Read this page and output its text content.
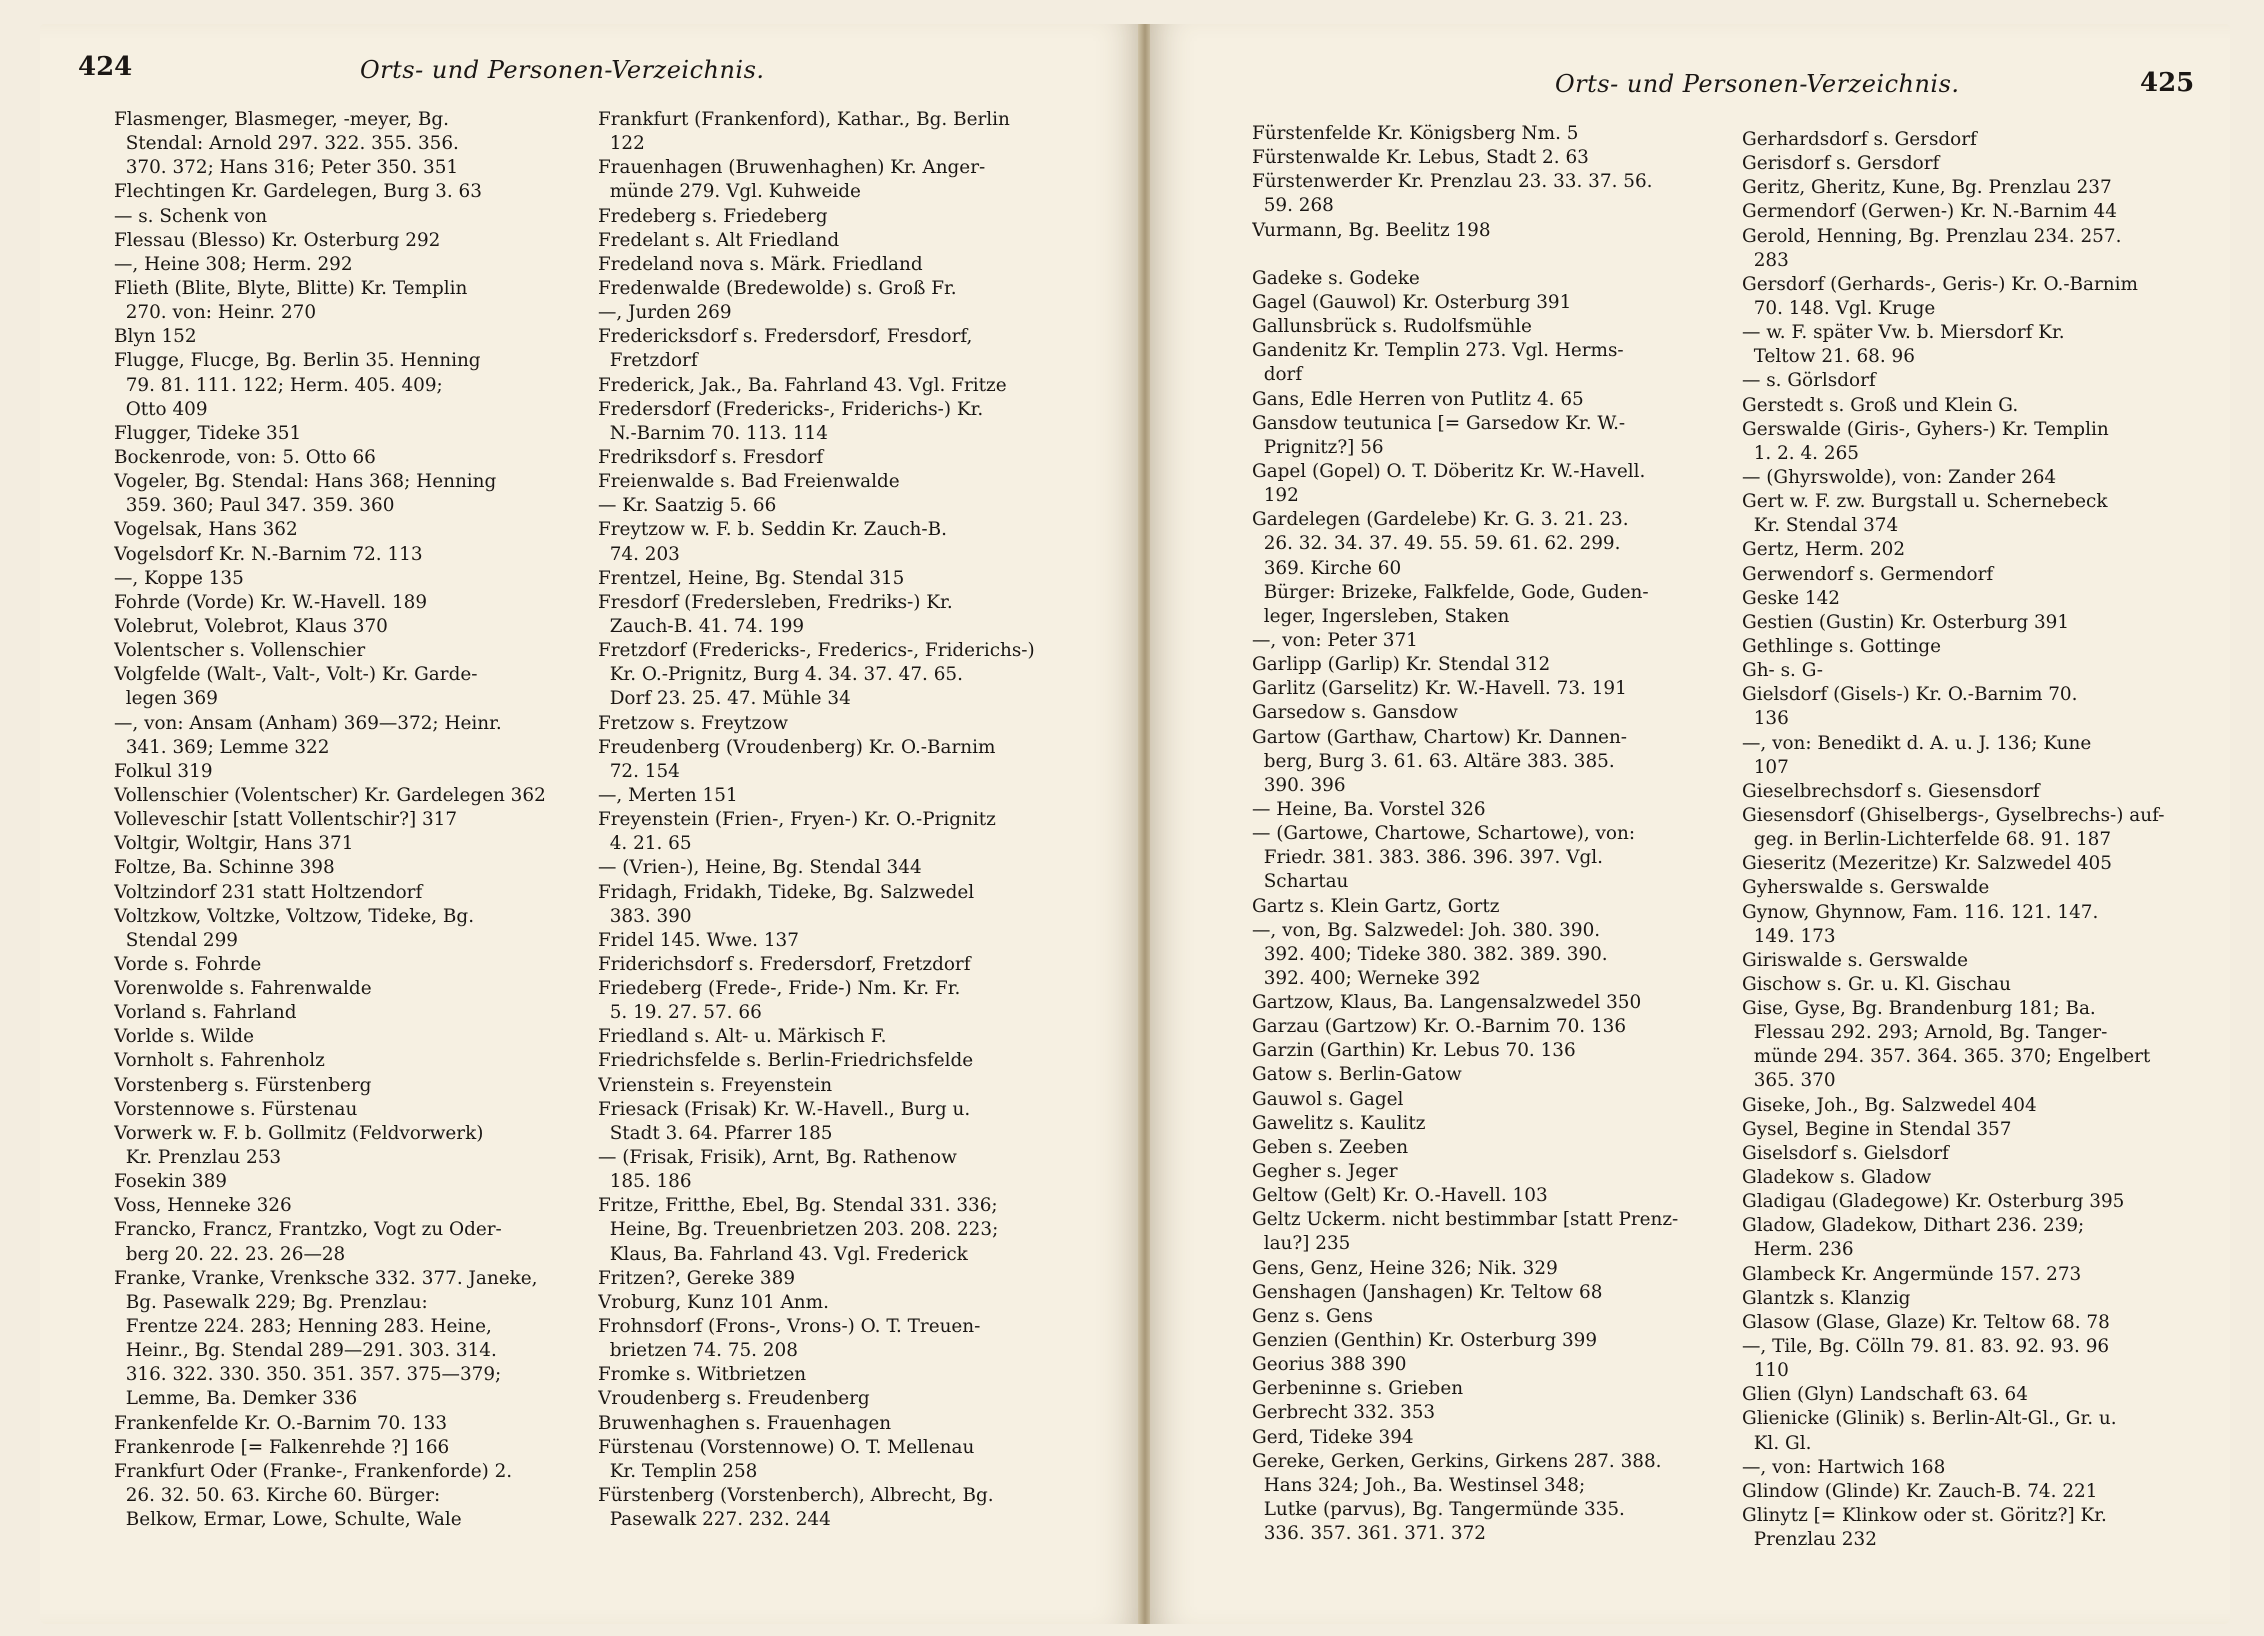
424	Orts- und Personen-Verzeichnis.	Orts- und Personen-Verzeichnis.	425
Flasmenger, Blasmeger, -meyer, Bg.
Stendal: Arnold 297. 322. 355. 356.
370. 372; Hans 316; Peter 350. 351
Flechtingen Kr. Gardelegen, Burg 3. 63
— s. Schenk von
Flessau (Blesso) Kr. Osterburg 292
—, Heine 308; Herm. 292
Flieth (Blite, Blyte, Blitte) Kr. Templin
270. von: Heinr. 270
Blyn 152
Flugge, Flucge, Bg. Berlin 35. Henning
79. 81. 111. 122; Herm. 405. 409;
Otto 409
Flugger, Tideke 351
Bockenrode, von: 5. Otto 66
Vogeler, Bg. Stendal: Hans 368; Henning
359. 360; Paul 347. 359. 360
Vogelsak, Hans 362
Vogelsdorf Kr. N.-Barnim 72. 113
—, Koppe 135
Fohrde (Vorde) Kr. W.-Havell. 189
Volebrut, Volebrot, Klaus 370
Volentscher s. Vollenschier
Volgfelde (Walt-, Valt-, Volt-) Kr. Garde-
legen 369
—, von: Ansam (Anham) 369—372; Heinr.
341. 369; Lemme 322
Folkul 319
Vollenschier (Volentscher) Kr. Gardelegen 362
Volleveschir [statt Vollentschir?] 317
Voltgir, Woltgir, Hans 371
Foltze, Ba. Schinne 398
Voltzindorf 231 statt Holtzendorf
Voltzkow, Voltzke, Voltzow, Tideke, Bg.
Stendal 299
Vorde s. Fohrde
Vorenwolde s. Fahrenwalde
Vorland s. Fahrland
Vorlde s. Wilde
Vornholt s. Fahrenholz
Vorstenberg s. Fürstenberg
Vorstennowe s. Fürstenau
Vorwerk w. F. b. Gollmitz (Feldvorwerk)
Kr. Prenzlau 253
Fosekin 389
Voss, Henneke 326
Francko, Francz, Frantzko, Vogt zu Oder-
berg 20. 22. 23. 26—28
Franke, Vranke, Vrenksche 332. 377. Janeke,
Bg. Pasewalk 229; Bg. Prenzlau:
Frentze 224. 283; Henning 283. Heine,
Heinr., Bg. Stendal 289—291. 303. 314.
316. 322. 330. 350. 351. 357. 375—379;
Lemme, Ba. Demker 336
Frankenfelde Kr. O.-Barnim 70. 133
Frankenrode [= Falkenrehde ?] 166
Frankfurt Oder (Franke-, Frankenforde) 2.
26. 32. 50. 63. Kirche 60. Bürger:
Belkow, Ermar, Lowe, Schulte, Wale
Frankfurt (Frankenford), Kathar., Bg. Berlin
122
Frauenhagen (Bruwenhaghen) Kr. Anger-
münde 279. Vgl. Kuhweide
Fredeberg s. Friedeberg
Fredelant s. Alt Friedland
Fredeland nova s. Märk. Friedland
Fredenwalde (Bredewolde) s. Groß Fr.
—, Jurden 269
Fredericksdorf s. Fredersdorf, Fresdorf,
Fretzdorf
Frederick, Jak., Ba. Fahrland 43. Vgl. Fritze
Fredersdorf (Fredericks-, Friderichs-) Kr.
N.-Barnim 70. 113. 114
Fredriksdorf s. Fresdorf
Freienwalde s. Bad Freienwalde
— Kr. Saatzig 5. 66
Freytzow w. F. b. Seddin Kr. Zauch-B.
74. 203
Frentzel, Heine, Bg. Stendal 315
Fresdorf (Fredersleben, Fredriks-) Kr.
Zauch-B. 41. 74. 199
Fretzdorf (Fredericks-, Frederics-, Friderichs-)
Kr. O.-Prignitz, Burg 4. 34. 37. 47. 65.
Dorf 23. 25. 47. Mühle 34
Fretzow s. Freytzow
Freudenberg (Vroudenberg) Kr. O.-Barnim
72. 154
—, Merten 151
Freyenstein (Frien-, Fryen-) Kr. O.-Prignitz
4. 21. 65
— (Vrien-), Heine, Bg. Stendal 344
Fridagh, Fridakh, Tideke, Bg. Salzwedel
383. 390
Fridel 145. Wwe. 137
Friderichsdorf s. Fredersdorf, Fretzdorf
Friedeberg (Frede-, Fride-) Nm. Kr. Fr.
5. 19. 27. 57. 66
Friedland s. Alt- u. Märkisch F.
Friedrichsfelde s. Berlin-Friedrichsfelde
Vrienstein s. Freyenstein
Friesack (Frisak) Kr. W.-Havell., Burg u.
Stadt 3. 64. Pfarrer 185
— (Frisak, Frisik), Arnt, Bg. Rathenow
185. 186
Fritze, Fritthe, Ebel, Bg. Stendal 331. 336;
Heine, Bg. Treuenbrietzen 203. 208. 223;
Klaus, Ba. Fahrland 43. Vgl. Frederick
Fritzen?, Gereke 389
Vroburg, Kunz 101 Anm.
Frohnsdorf (Frons-, Vrons-) O. T. Treuen-
brietzen 74. 75. 208
Fromke s. Witbrietzen
Vroudenberg s. Freudenberg
Bruwenhaghen s. Frauenhagen
Fürstenau (Vorstennowe) O. T. Mellenau
Kr. Templin 258
Fürstenberg (Vorstenberch), Albrecht, Bg.
Pasewalk 227. 232. 244
Fürstenfelde Kr. Königsberg Nm. 5
Fürstenwalde Kr. Lebus, Stadt 2. 63
Fürstenwerder Kr. Prenzlau 23. 33. 37. 56.
59. 268
Vurmann, Bg. Beelitz 198
Gadeke s. Godeke
Gagel (Gauwol) Kr. Osterburg 391
Gallunsbrück s. Rudolfsmühle
Gandenitz Kr. Templin 273. Vgl. Herms-
dorf
Gans, Edle Herren von Putlitz 4. 65
Gansdow teutunica [= Garsedow Kr. W.-
Prignitz?] 56
Gapel (Gopel) O. T. Döberitz Kr. W.-Havell.
192
Gardelegen (Gardelebe) Kr. G. 3. 21. 23.
26. 32. 34. 37. 49. 55. 59. 61. 62. 299.
369. Kirche 60
Bürger: Brizeke, Falkfelde, Gode, Guden-
leger, Ingersleben, Staken
—, von: Peter 371
Garlipp (Garlip) Kr. Stendal 312
Garlitz (Garselitz) Kr. W.-Havell. 73. 191
Garsedow s. Gansdow
Gartow (Garthaw, Chartow) Kr. Dannen-
berg, Burg 3. 61. 63. Altäre 383. 385.
390. 396
— Heine, Ba. Vorstel 326
— (Gartowe, Chartowe, Schartowe), von:
Friedr. 381. 383. 386. 396. 397. Vgl.
Schartau
Gartz s. Klein Gartz, Gortz
—, von, Bg. Salzwedel: Joh. 380. 390.
392. 400; Tideke 380. 382. 389. 390.
392. 400; Werneke 392
Gartzow, Klaus, Ba. Langensalzwedel 350
Garzau (Gartzow) Kr. O.-Barnim 70. 136
Garzin (Garthin) Kr. Lebus 70. 136
Gatow s. Berlin-Gatow
Gauwol s. Gagel
Gawelitz s. Kaulitz
Geben s. Zeeben
Gegher s. Jeger
Geltow (Gelt) Kr. O.-Havell. 103
Geltz Uckerm. nicht bestimmbar [statt Prenz-
lau?] 235
Gens, Genz, Heine 326; Nik. 329
Genshagen (Janshagen) Kr. Teltow 68
Genz s. Gens
Genzien (Genthin) Kr. Osterburg 399
Georius 388 390
Gerbeninne s. Grieben
Gerbrecht 332. 353
Gerd, Tideke 394
Gereke, Gerken, Gerkins, Girkens 287. 388.
Hans 324; Joh., Ba. Westinsel 348;
Lutke (parvus), Bg. Tangermünde 335.
336. 357. 361. 371. 372
Gerhardsdorf s. Gersdorf
Gerisdorf s. Gersdorf
Geritz, Gheritz, Kune, Bg. Prenzlau 237
Germendorf (Gerwen-) Kr. N.-Barnim 44
Gerold, Henning, Bg. Prenzlau 234. 257.
283
Gersdorf (Gerhards-, Geris-) Kr. O.-Barnim
70. 148. Vgl. Kruge
— w. F. später Vw. b. Miersdorf Kr.
Teltow 21. 68. 96
— s. Görlsdorf
Gerstedt s. Groß und Klein G.
Gerswalde (Giris-, Gyhers-) Kr. Templin
1. 2. 4. 265
— (Ghyrswolde), von: Zander 264
Gert w. F. zw. Burgstall u. Schernebeck
Kr. Stendal 374
Gertz, Herm. 202
Gerwendorf s. Germendorf
Geske 142
Gestien (Gustin) Kr. Osterburg 391
Gethlinge s. Gottinge
Gh- s. G-
Gielsdorf (Gisels-) Kr. O.-Barnim 70.
136
—, von: Benedikt d. A. u. J. 136; Kune
107
Gieselbrechsdorf s. Giesensdorf
Giesensdorf (Ghiselbergs-, Gyselbrechs-) auf-
geg. in Berlin-Lichterfelde 68. 91. 187
Gieseritz (Mezeritze) Kr. Salzwedel 405
Gyherswalde s. Gerswalde
Gynow, Ghynnow, Fam. 116. 121. 147.
149. 173
Giriswalde s. Gerswalde
Gischow s. Gr. u. Kl. Gischau
Gise, Gyse, Bg. Brandenburg 181; Ba.
Flessau 292. 293; Arnold, Bg. Tanger-
münde 294. 357. 364. 365. 370; Engelbert
365. 370
Giseke, Joh., Bg. Salzwedel 404
Gysel, Begine in Stendal 357
Giselsdorf s. Gielsdorf
Gladekow s. Gladow
Gladigau (Gladegowe) Kr. Osterburg 395
Gladow, Gladekow, Dithart 236. 239;
Herm. 236
Glambeck Kr. Angermünde 157. 273
Glantzk s. Klanzig
Glasow (Glase, Glaze) Kr. Teltow 68. 78
—, Tile, Bg. Cölln 79. 81. 83. 92. 93. 96
110
Glien (Glyn) Landschaft 63. 64
Glienicke (Glinik) s. Berlin-Alt-Gl., Gr. u.
Kl. Gl.
—, von: Hartwich 168
Glindow (Glinde) Kr. Zauch-B. 74. 221
Glinytz [= Klinkow oder st. Göritz?] Kr.
Prenzlau 232
